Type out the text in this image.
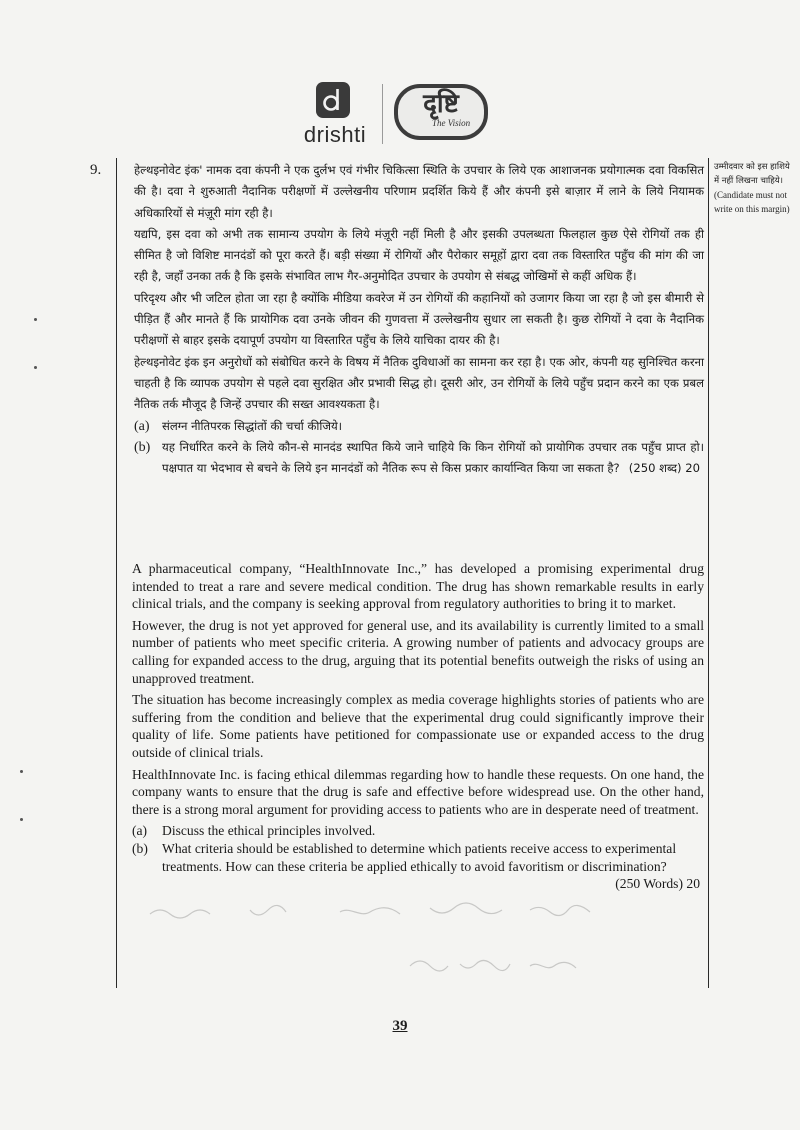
drishti
दृष्टि
The Vision
9.	उम्मीदवार को इस हाशिये में नहीं लिखना चाहिये।
(Candidate must not write on this margin)

हेल्थइनोवेट इंक' नामक दवा कंपनी ने एक दुर्लभ एवं गंभीर चिकित्सा स्थिति के उपचार के लिये एक आशाजनक प्रयोगात्मक दवा विकसित की है। दवा ने शुरुआती नैदानिक परीक्षणों में उल्लेखनीय परिणाम प्रदर्शित किये हैं और कंपनी इसे बाज़ार में लाने के लिये नियामक अधिकारियों से मंज़ूरी मांग रही है।

यद्यपि, इस दवा को अभी तक सामान्य उपयोग के लिये मंज़ूरी नहीं मिली है और इसकी उपलब्धता फिलहाल कुछ ऐसे रोगियों तक ही सीमित है जो विशिष्ट मानदंडों को पूरा करते हैं। बड़ी संख्या में रोगियों और पैरोकार समूहों द्वारा दवा तक विस्तारित पहुँच की मांग की जा रही है, जहाँ उनका तर्क है कि इसके संभावित लाभ गैर-अनुमोदित उपचार के उपयोग से संबद्ध जोखिमों से कहीं अधिक हैं।

परिदृश्य और भी जटिल होता जा रहा है क्योंकि मीडिया कवरेज में उन रोगियों की कहानियों को उजागर किया जा रहा है जो इस बीमारी से पीड़ित हैं और मानते हैं कि प्रायोगिक दवा उनके जीवन की गुणवत्ता में उल्लेखनीय सुधार ला सकती है। कुछ रोगियों ने दवा के नैदानिक परीक्षणों से बाहर इसके दयापूर्ण उपयोग या विस्तारित पहुँच के लिये याचिका दायर की है।

हेल्थइनोवेट इंक इन अनुरोधों को संबोधित करने के विषय में नैतिक दुविधाओं का सामना कर रहा है। एक ओर, कंपनी यह सुनिश्चित करना चाहती है कि व्यापक उपयोग से पहले दवा सुरक्षित और प्रभावी सिद्ध हो। दूसरी ओर, उन रोगियों के लिये पहुँच प्रदान करने का एक प्रबल नैतिक तर्क मौजूद है जिन्हें उपचार की सख्त आवश्यकता है।

(a)	संलग्न नीतिपरक सिद्धांतों की चर्चा कीजिये।
(b)	यह निर्धारित करने के लिये कौन-से मानदंड स्थापित किये जाने चाहिये कि किन रोगियों को प्रायोगिक उपचार तक पहुँच प्राप्त हो। पक्षपात या भेदभाव से बचने के लिये इन मानदंडों को नैतिक रूप से किस प्रकार कार्यान्वित किया जा सकता है? (250 शब्द) 20

A pharmaceutical company, “HealthInnovate Inc.,” has developed a promising experimental drug intended to treat a rare and severe medical condition. The drug has shown remarkable results in early clinical trials, and the company is seeking approval from regulatory authorities to bring it to market.

However, the drug is not yet approved for general use, and its availability is currently limited to a small number of patients who meet specific criteria. A growing number of patients and advocacy groups are calling for expanded access to the drug, arguing that its potential benefits outweigh the risks of using an unapproved treatment.

The situation has become increasingly complex as media coverage highlights stories of patients who are suffering from the condition and believe that the experimental drug could significantly improve their quality of life. Some patients have petitioned for compassionate use or expanded access to the drug outside of clinical trials.

HealthInnovate Inc. is facing ethical dilemmas regarding how to handle these requests. On one hand, the company wants to ensure that the drug is safe and effective before widespread use. On the other hand, there is a strong moral argument for providing access to patients who are in desperate need of treatment.

(a)	Discuss the ethical principles involved.
(b)	What criteria should be established to determine which patients receive access to experimental treatments. How can these criteria be applied ethically to avoid favoritism or discrimination?
(250 Words) 20
39
